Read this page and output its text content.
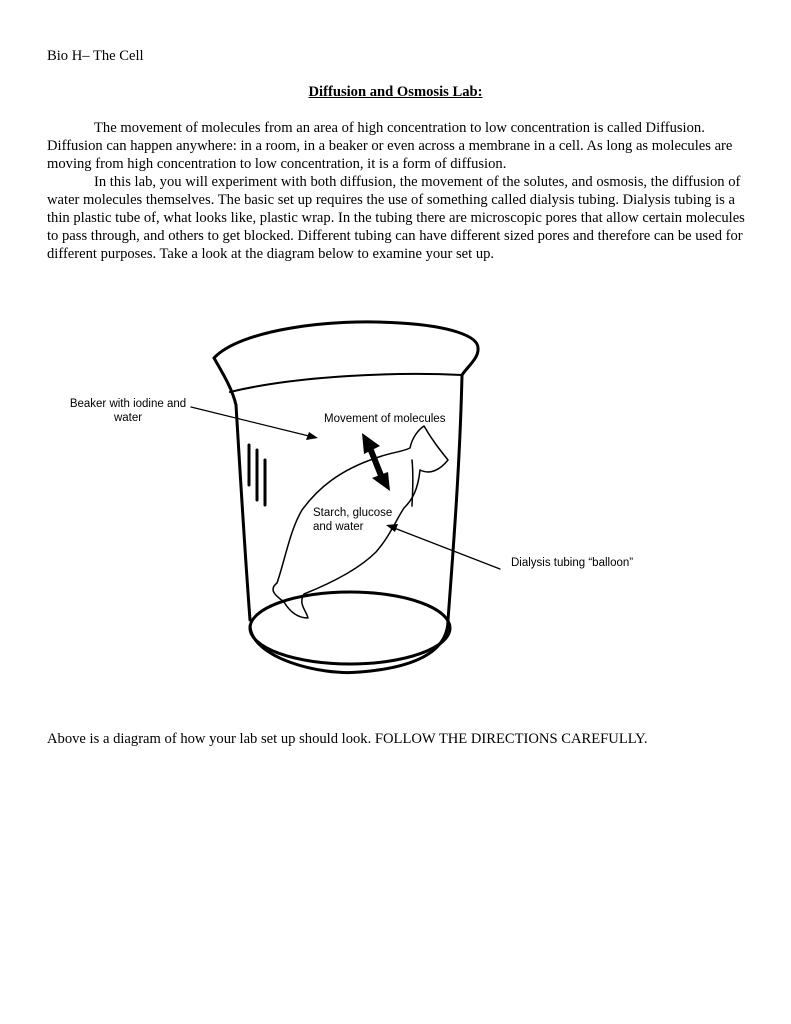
Bio H– The Cell
Diffusion and Osmosis Lab:

The movement of molecules from an area of high concentration to low concentration is called Diffusion. Diffusion can happen anywhere: in a room, in a beaker or even across a membrane in a cell. As long as molecules are moving from high concentration to low concentration, it is a form of diffusion.

In this lab, you will experiment with both diffusion, the movement of the solutes, and osmosis, the diffusion of water molecules themselves. The basic set up requires the use of something called dialysis tubing. Dialysis tubing is a thin plastic tube of, what looks like, plastic wrap. In the tubing there are microscopic pores that allow certain molecules to pass through, and others to get blocked. Different tubing can have different sized pores and therefore can be used for different purposes. Take a look at the diagram below to examine your set up.

Beaker with iodine and water	Movement of molecules
Starch, glucose and water
Dialysis tubing “balloon”
Above is a diagram of how your lab set up should look. FOLLOW THE DIRECTIONS CAREFULLY.
